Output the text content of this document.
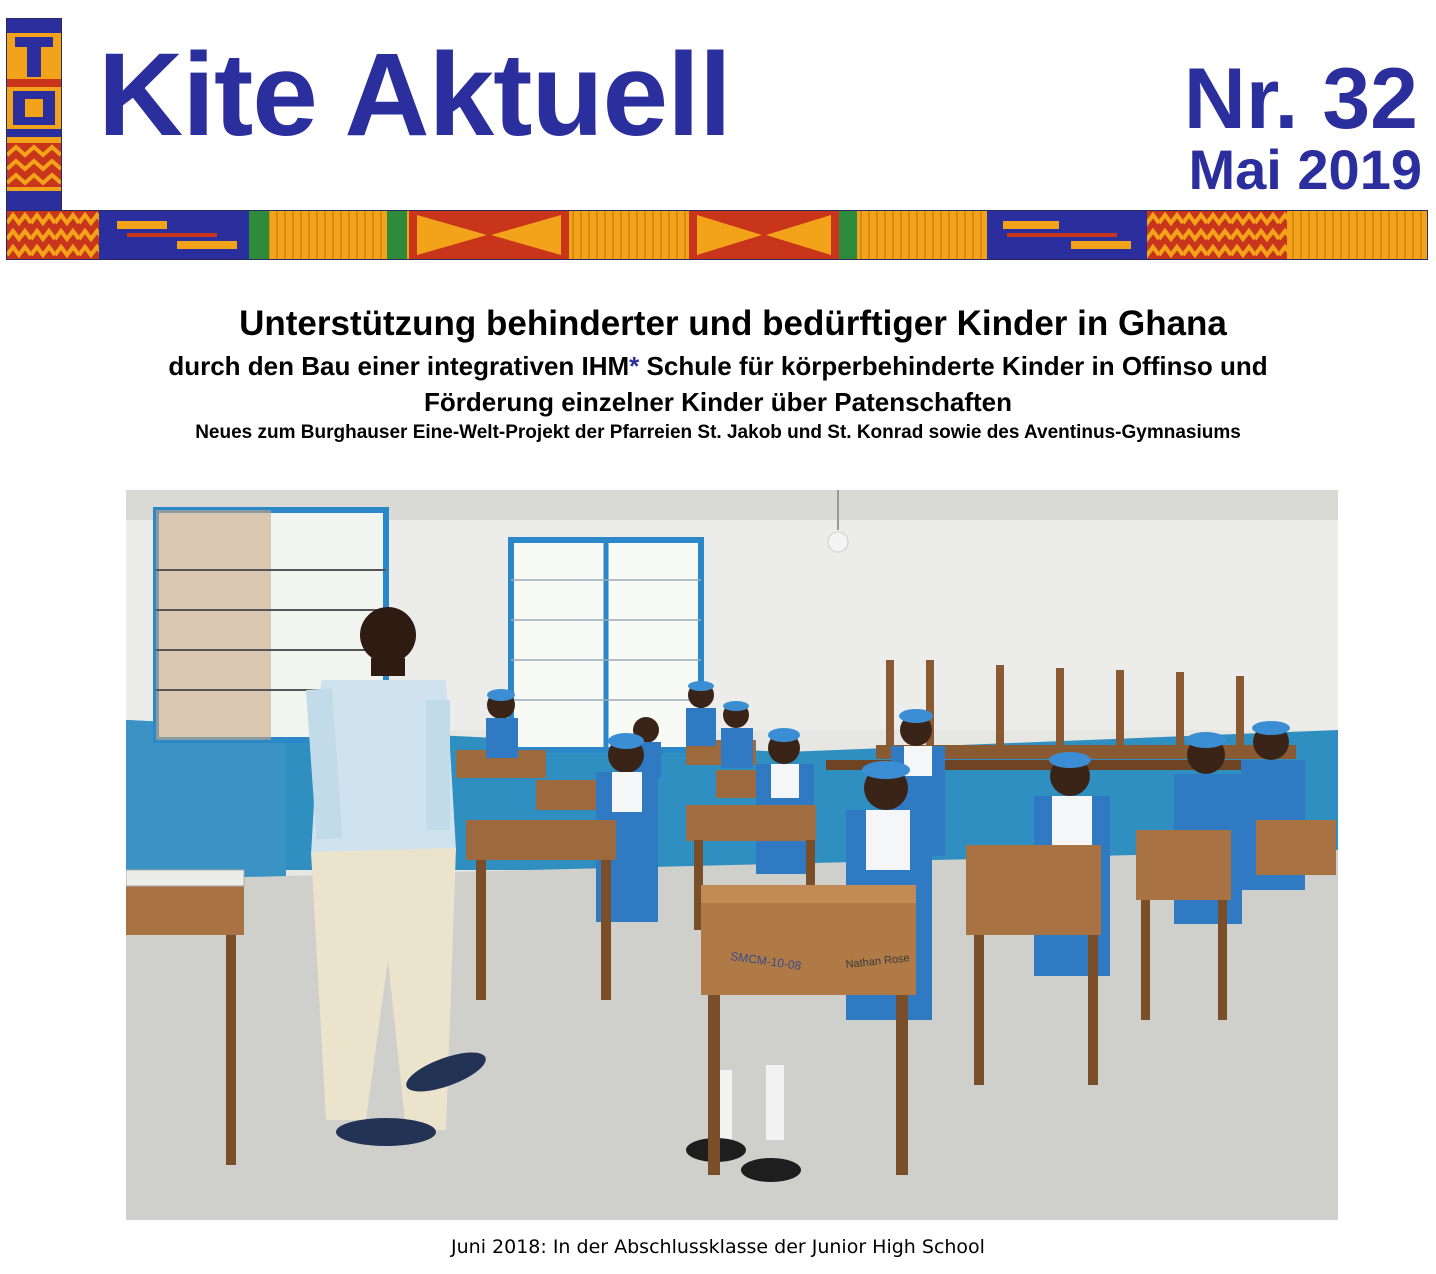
Kite Aktuell	Nr. 32

Mai 2019

Unterstützung behinderter und bedürftiger Kinder in Ghana

durch den Bau einer integrativen IHM* Schule für körperbehinderte Kinder in Offinso und

Förderung einzelner Kinder über Patenschaften

Neues zum Burghauser Eine-Welt-Projekt der Pfarreien St. Jakob und St. Konrad sowie des Aventinus-Gymnasiums

SMCM-10-08	Nathan Rose

Juni 2018: In der Abschlussklasse der Junior High School
